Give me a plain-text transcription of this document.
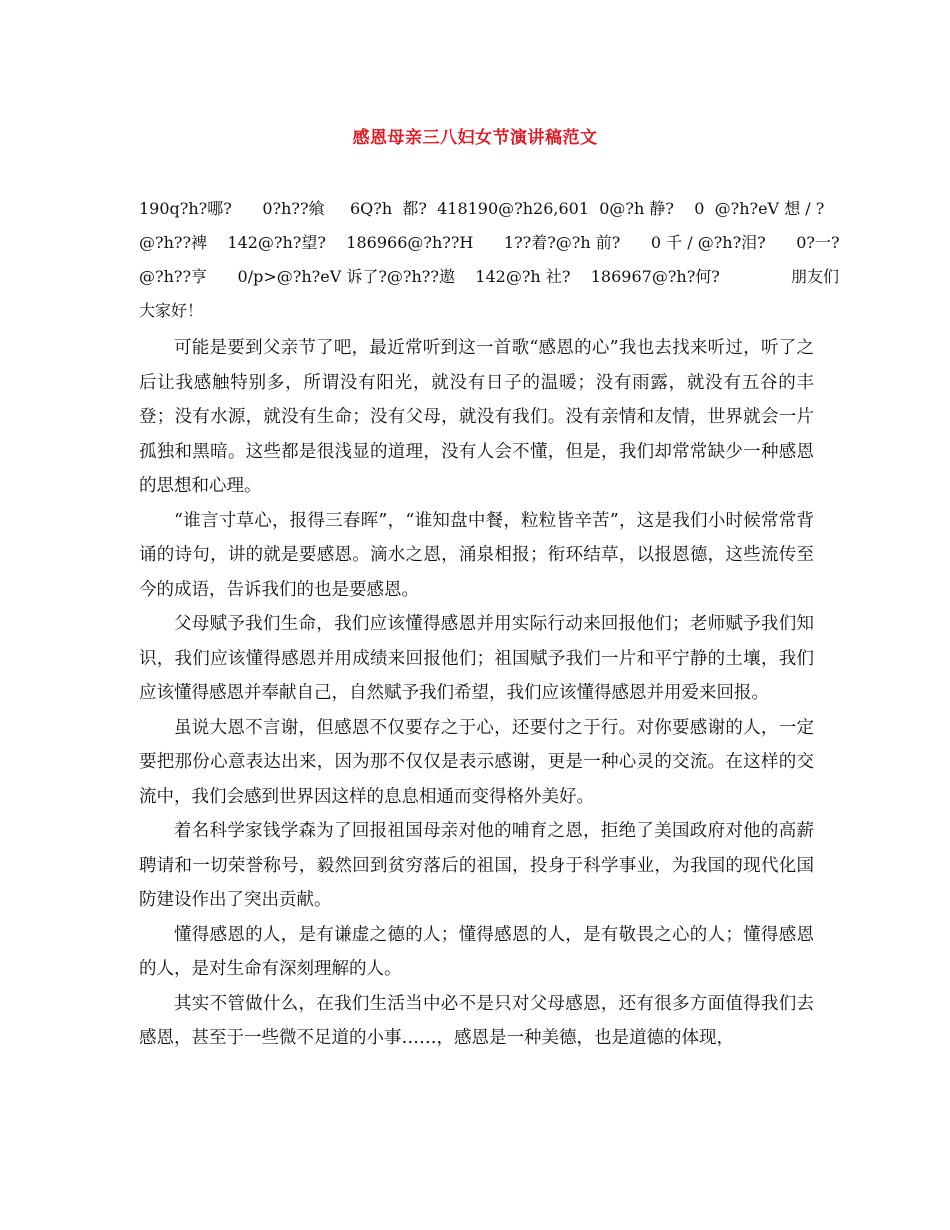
感恩母亲三八妇女节演讲稿范文
190q?h?哪?      0?h??飨     6Q?h  都?  418190@?h26,601  0@?h 静?    0  @?h?eV 想 / ?
@?h??裨    142@?h?望?    186966@?h??H      1??着?@?h 前?      0 千 / @?h?泪?      0?一?
@?h??亨      0/p>@?h?eV 诉了?@?h??遨    142@?h 社?    186967@?h?何?              朋友们
大家好！

可能是要到父亲节了吧，最近常听到这一首歌“感恩的心”我也去找来听过，听了之后让我感触特别多，所谓没有阳光，就没有日子的温暖；没有雨露，就没有五谷的丰登；没有水源，就没有生命；没有父母，就没有我们。没有亲情和友情，世界就会一片孤独和黑暗。这些都是很浅显的道理，没有人会不懂，但是，我们却常常缺少一种感恩的思想和心理。

“谁言寸草心，报得三春晖”，“谁知盘中餐，粒粒皆辛苦”，这是我们小时候常常背诵的诗句，讲的就是要感恩。滴水之恩，涌泉相报；衔环结草，以报恩德，这些流传至今的成语，告诉我们的也是要感恩。

父母赋予我们生命，我们应该懂得感恩并用实际行动来回报他们；老师赋予我们知识，我们应该懂得感恩并用成绩来回报他们；祖国赋予我们一片和平宁静的土壤，我们应该懂得感恩并奉献自己，自然赋予我们希望，我们应该懂得感恩并用爱来回报。

虽说大恩不言谢，但感恩不仅要存之于心，还要付之于行。对你要感谢的人，一定要把那份心意表达出来，因为那不仅仅是表示感谢，更是一种心灵的交流。在这样的交流中，我们会感到世界因这样的息息相通而变得格外美好。

着名科学家钱学森为了回报祖国母亲对他的哺育之恩，拒绝了美国政府对他的高薪聘请和一切荣誉称号，毅然回到贫穷落后的祖国，投身于科学事业，为我国的现代化国防建设作出了突出贡献。

懂得感恩的人，是有谦虚之德的人；懂得感恩的人，是有敬畏之心的人；懂得感恩的人，是对生命有深刻理解的人。

其实不管做什么，在我们生活当中必不是只对父母感恩，还有很多方面值得我们去感恩，甚至于一些微不足道的小事……，感恩是一种美德，也是道德的体现，
